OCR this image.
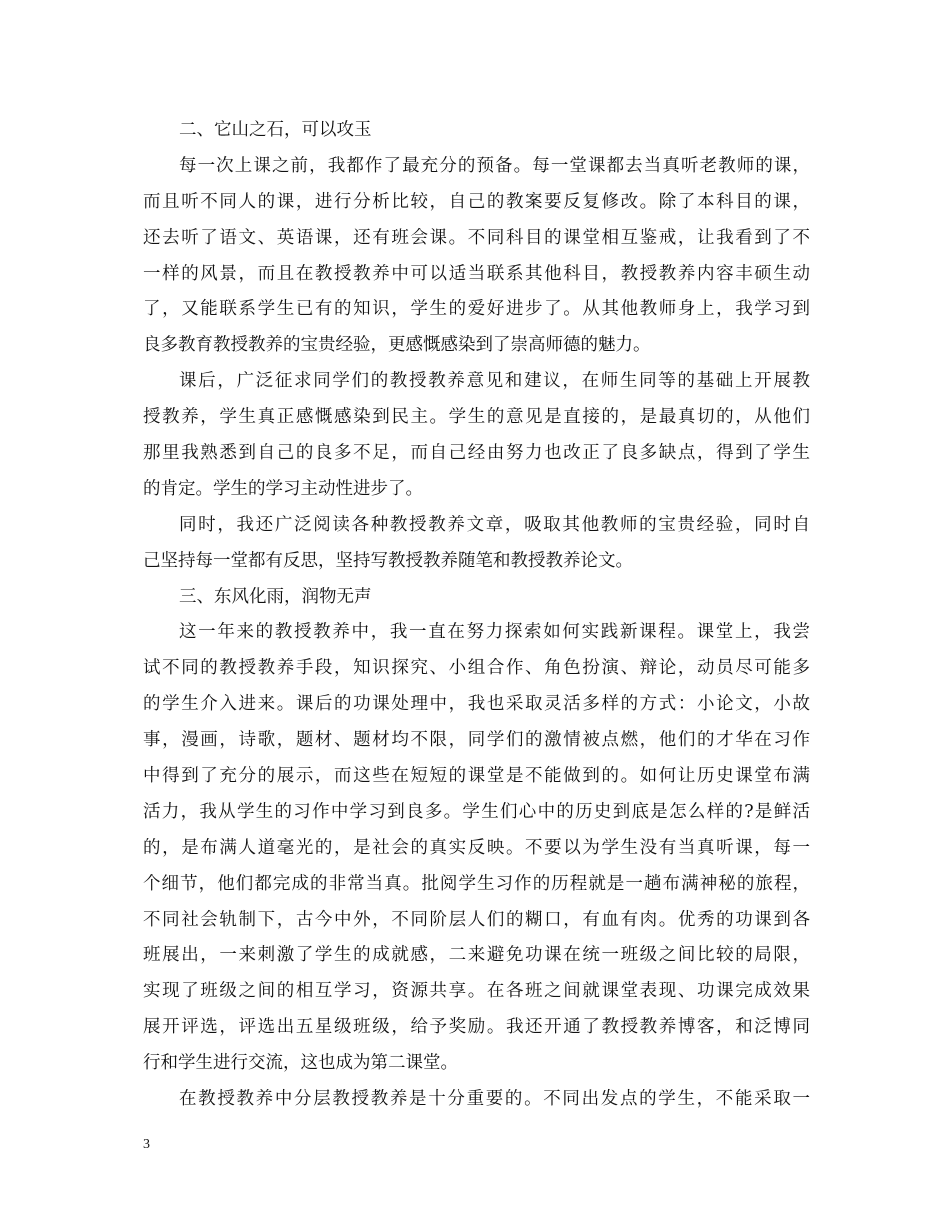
二、它山之石，可以攻玉
每一次上课之前，我都作了最充分的预备。每一堂课都去当真听老教师的课，
而且听不同人的课，进行分析比较，自己的教案要反复修改。除了本科目的课，
还去听了语文、英语课，还有班会课。不同科目的课堂相互鉴戒，让我看到了不
一样的风景，而且在教授教养中可以适当联系其他科目，教授教养内容丰硕生动
了，又能联系学生已有的知识，学生的爱好进步了。从其他教师身上，我学习到
良多教育教授教养的宝贵经验，更感慨感染到了崇高师德的魅力。
课后，广泛征求同学们的教授教养意见和建议，在师生同等的基础上开展教
授教养，学生真正感慨感染到民主。学生的意见是直接的，是最真切的，从他们
那里我熟悉到自己的良多不足，而自己经由努力也改正了良多缺点，得到了学生
的肯定。学生的学习主动性进步了。
同时，我还广泛阅读各种教授教养文章，吸取其他教师的宝贵经验，同时自
己坚持每一堂都有反思，坚持写教授教养随笔和教授教养论文。
三、东风化雨，润物无声
这一年来的教授教养中，我一直在努力探索如何实践新课程。课堂上，我尝
试不同的教授教养手段，知识探究、小组合作、角色扮演、辩论，动员尽可能多
的学生介入进来。课后的功课处理中，我也采取灵活多样的方式：小论文，小故
事，漫画，诗歌，题材、题材均不限，同学们的激情被点燃，他们的才华在习作
中得到了充分的展示，而这些在短短的课堂是不能做到的。如何让历史课堂布满
活力，我从学生的习作中学习到良多。学生们心中的历史到底是怎么样的?是鲜活
的，是布满人道毫光的，是社会的真实反映。不要以为学生没有当真听课，每一
个细节，他们都完成的非常当真。批阅学生习作的历程就是一趟布满神秘的旅程，
不同社会轨制下，古今中外，不同阶层人们的糊口，有血有肉。优秀的功课到各
班展出，一来刺激了学生的成就感，二来避免功课在统一班级之间比较的局限，
实现了班级之间的相互学习，资源共享。在各班之间就课堂表现、功课完成效果
展开评选，评选出五星级班级，给予奖励。我还开通了教授教养博客，和泛博同
行和学生进行交流，这也成为第二课堂。
在教授教养中分层教授教养是十分重要的。不同出发点的学生，不能采取一
3
